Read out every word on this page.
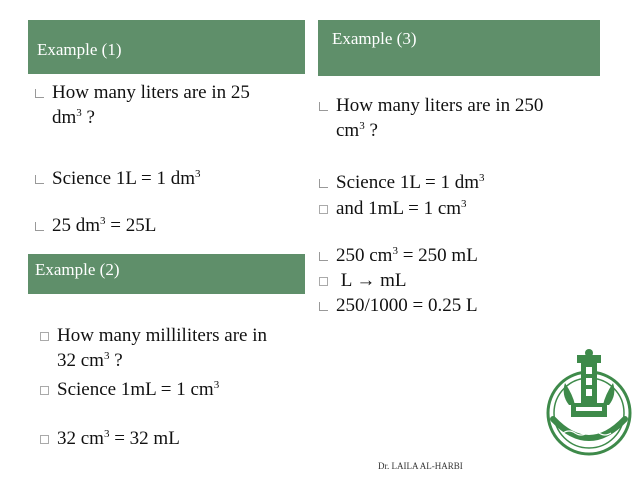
Example (1)
How many liters are in 25
$dm^3$ ?
Science 1L = 1 $dm^3$
25 $dm^3 = 25L$
Example (2)
How many milliliters are in
32 $cm^3$ ?
Science 1mL = 1 $cm^3$
32 $cm^3 = 32$ mL
Example (3)
How many liters are in 250
$cm^3$ ?
Science 1L = 1 $dm^3$
and 1mL = 1 $cm^3$
250 $cm^3 = 250$ mL
L → mL
250/1000 = 0.25 L
Dr. LAILA AL-HARBI
